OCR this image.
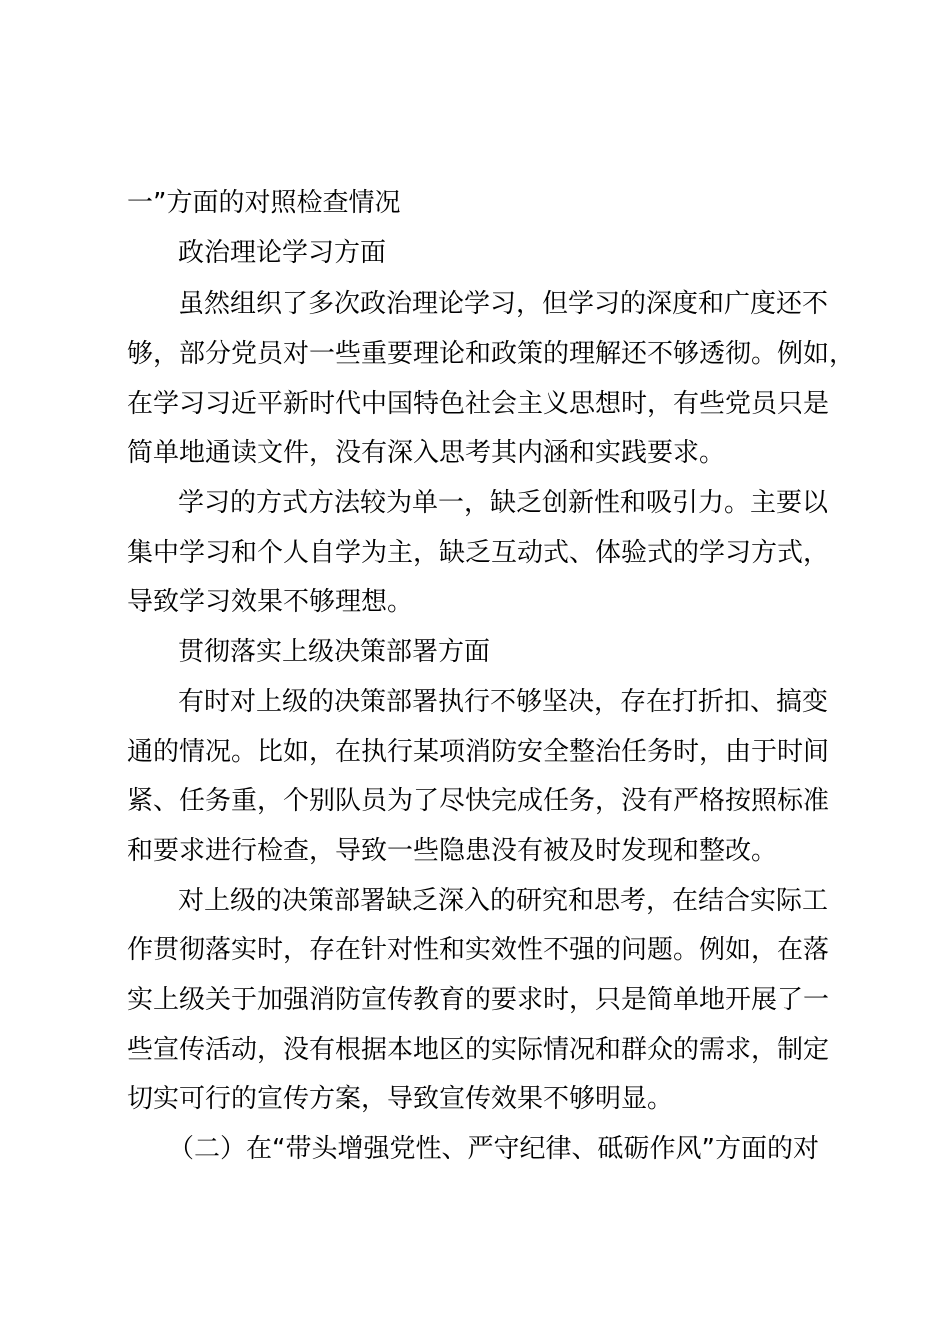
一”方面的对照检查情况
政治理论学习方面
虽然组织了多次政治理论学习，但学习的深度和广度还不
够，部分党员对一些重要理论和政策的理解还不够透彻。例如，
在学习习近平新时代中国特色社会主义思想时，有些党员只是
简单地通读文件，没有深入思考其内涵和实践要求。
学习的方式方法较为单一，缺乏创新性和吸引力。主要以
集中学习和个人自学为主，缺乏互动式、体验式的学习方式，
导致学习效果不够理想。
贯彻落实上级决策部署方面
有时对上级的决策部署执行不够坚决，存在打折扣、搞变
通的情况。比如，在执行某项消防安全整治任务时，由于时间
紧、任务重，个别队员为了尽快完成任务，没有严格按照标准
和要求进行检查，导致一些隐患没有被及时发现和整改。
对上级的决策部署缺乏深入的研究和思考，在结合实际工
作贯彻落实时，存在针对性和实效性不强的问题。例如，在落
实上级关于加强消防宣传教育的要求时，只是简单地开展了一
些宣传活动，没有根据本地区的实际情况和群众的需求，制定
切实可行的宣传方案，导致宣传效果不够明显。
（二）在“带头增强党性、严守纪律、砥砺作风”方面的对
